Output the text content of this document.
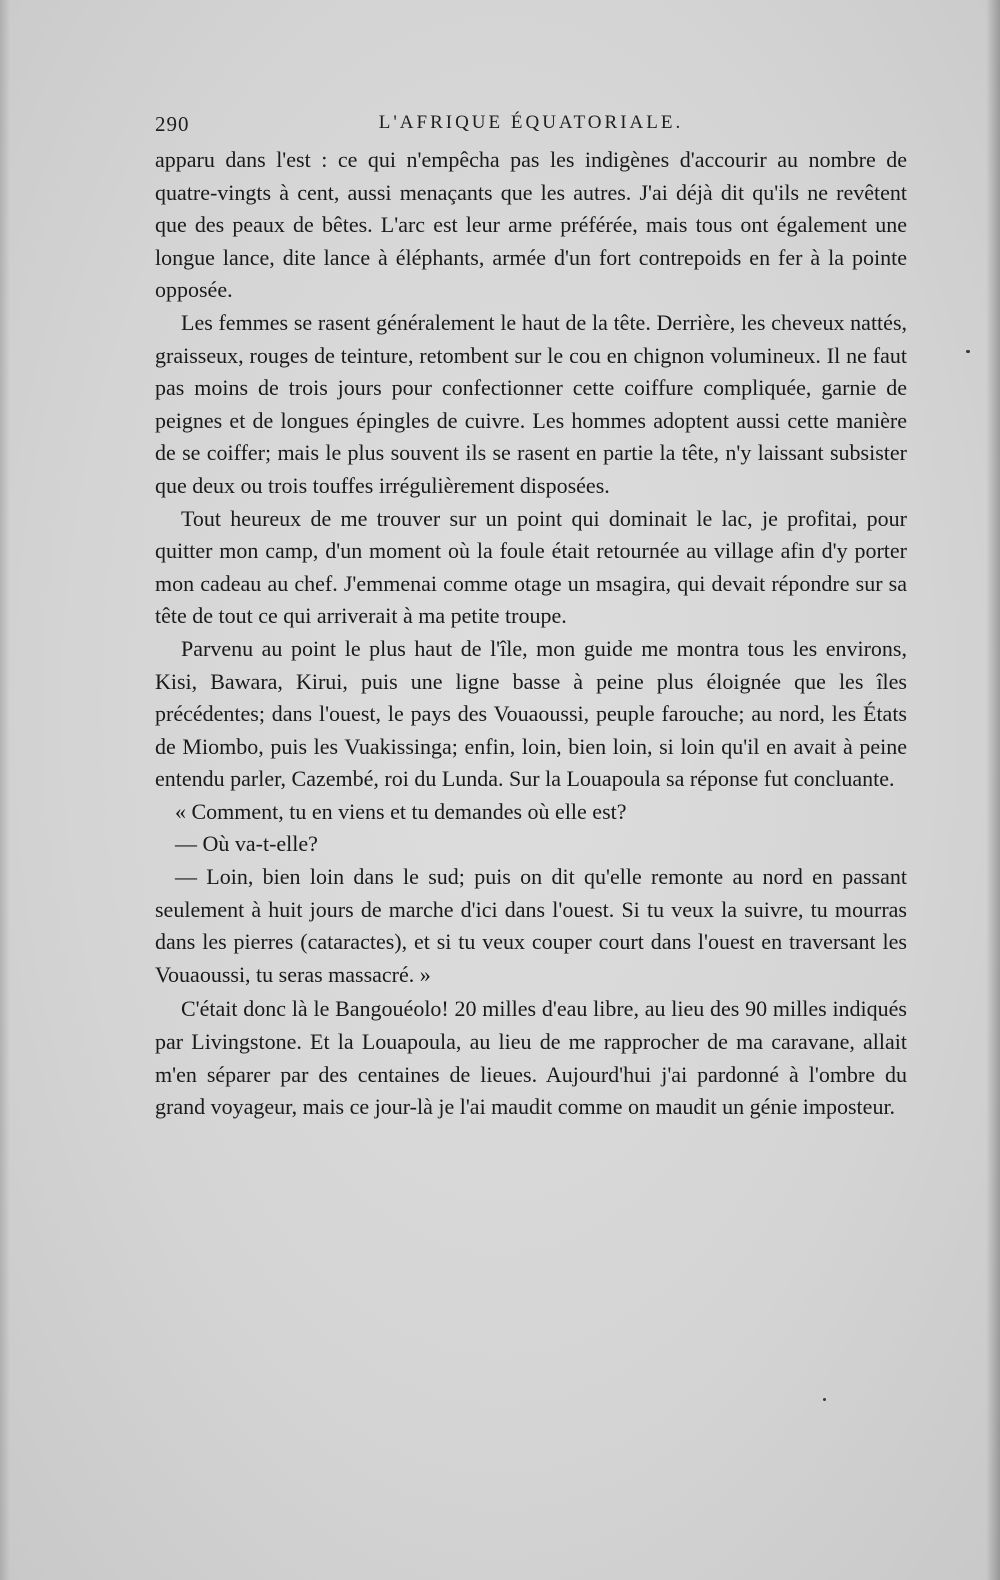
290	L'AFRIQUE ÉQUATORIALE.

apparu dans l'est : ce qui n'empêcha pas les indigènes d'accourir au nombre de quatre-vingts à cent, aussi menaçants que les autres. J'ai déjà dit qu'ils ne revêtent que des peaux de bêtes. L'arc est leur arme préférée, mais tous ont également une longue lance, dite lance à éléphants, armée d'un fort contrepoids en fer à la pointe opposée.

Les femmes se rasent généralement le haut de la tête. Derrière, les cheveux nattés, graisseux, rouges de teinture, retombent sur le cou en chignon volumineux. Il ne faut pas moins de trois jours pour confectionner cette coiffure compliquée, garnie de peignes et de longues épingles de cuivre. Les hommes adoptent aussi cette manière de se coiffer; mais le plus souvent ils se rasent en partie la tête, n'y laissant subsister que deux ou trois touffes irrégulièrement disposées.

Tout heureux de me trouver sur un point qui dominait le lac, je profitai, pour quitter mon camp, d'un moment où la foule était retournée au village afin d'y porter mon cadeau au chef. J'emmenai comme otage un msagira, qui devait répondre sur sa tête de tout ce qui arriverait à ma petite troupe.

Parvenu au point le plus haut de l'île, mon guide me montra tous les environs, Kisi, Bawara, Kirui, puis une ligne basse à peine plus éloignée que les îles précédentes; dans l'ouest, le pays des Vouaoussi, peuple farouche; au nord, les États de Miombo, puis les Vuakissinga; enfin, loin, bien loin, si loin qu'il en avait à peine entendu parler, Cazembé, roi du Lunda. Sur la Louapoula sa réponse fut concluante.

« Comment, tu en viens et tu demandes où elle est?

— Où va-t-elle?

— Loin, bien loin dans le sud; puis on dit qu'elle remonte au nord en passant seulement à huit jours de marche d'ici dans l'ouest. Si tu veux la suivre, tu mourras dans les pierres (cataractes), et si tu veux couper court dans l'ouest en traversant les Vouaoussi, tu seras massacré. »

C'était donc là le Bangouéolo! 20 milles d'eau libre, au lieu des 90 milles indiqués par Livingstone. Et la Louapoula, au lieu de me rapprocher de ma caravane, allait m'en séparer par des centaines de lieues. Aujourd'hui j'ai pardonné à l'ombre du grand voyageur, mais ce jour-là je l'ai maudit comme on maudit un génie imposteur.
